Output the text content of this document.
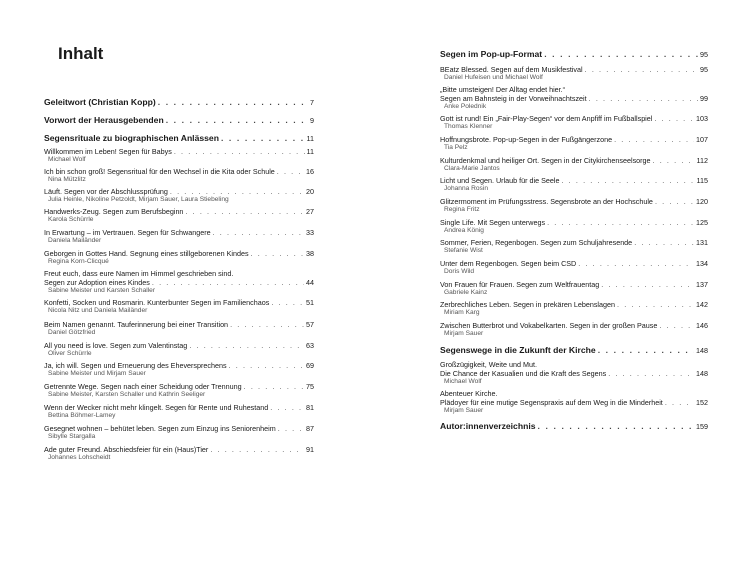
Inhalt
Geleitwort (Christian Kopp) . . .	7
Vorwort der Herausgebenden . . .	9
Segensrituale zu biographischen Anlässen . . .	11
Willkommen im Leben! Segen für Babys . . .	11
Michael Wolf
Ich bin schon groß! Segensritual für den Wechsel in die Kita oder Schule . . .	16
Nina Mützlitz
Läuft. Segen vor der Abschlussprüfung . . .	20
Julia Heinle, Nikoline Petzoldt, Mirjam Sauer, Laura Stiebeling
Handwerks-Zeug. Segen zum Berufsbeginn . . .	27
Karola Schürrle
In Erwartung – im Vertrauen. Segen für Schwangere . . .	33
Daniela Mailänder
Geborgen in Gottes Hand. Segnung eines stillgeborenen Kindes . . .	38
Regina Korn-Clicqué
Freut euch, dass eure Namen im Himmel geschrieben sind.
Segen zur Adoption eines Kindes . . .	44
Sabine Meister und Karsten Schaller
Konfetti, Socken und Rosmarin. Kunterbunter Segen im Familienchaos . . .	51
Nicola Nitz und Daniela Mailänder
Beim Namen genannt. Tauferinnerung bei einer Transition . . .	57
Daniel Götzfried
All you need is love. Segen zum Valentinstag . . .	63
Oliver Schürrle
Ja, ich will. Segen und Erneuerung des Eheversprechens . . .	69
Sabine Meister und Mirjam Sauer
Getrennte Wege. Segen nach einer Scheidung oder Trennung . . .	75
Sabine Meister, Karsten Schaller und Kathrin Seeliger
Wenn der Wecker nicht mehr klingelt. Segen für Rente und Ruhestand . . .	81
Bettina Böhmer-Lamey
Gesegnet wohnen – behütet leben. Segen zum Einzug ins Seniorenheim . . .	87
Sibylle Stargalla
Ade guter Freund. Abschiedsfeier für ein (Haus)Tier . . .	91
Johannes Lohscheidt
Segen im Pop-up-Format . . .	95
BEatz Blessed. Segen auf dem Musikfestival . . .	95
Daniel Hufeisen und Michael Wolf
„Bitte umsteigen! Der Alltag endet hier.“
Segen am Bahnsteig in der Vorweihnachtszeit . . .	99
Anke Polednik
Gott ist rund! Ein „Fair-Play-Segen“ vor dem Anpfiff im Fußballspiel . . .	103
Thomas Klenner
Hoffnungsbrote. Pop-up-Segen in der Fußgängerzone . . .	107
Tia Pelz
Kulturdenkmal und heiliger Ort. Segen in der Citykirchenseelsorge . . .	112
Clara-Marie Jantos
Licht und Segen. Urlaub für die Seele . . .	115
Johanna Rosin
Glitzermoment im Prüfungsstress. Segensbrote an der Hochschule . . .	120
Regina Fritz
Single Life. Mit Segen unterwegs . . .	125
Andrea König
Sommer, Ferien, Regenbogen. Segen zum Schuljahresende . . .	131
Stefanie Wist
Unter dem Regenbogen. Segen beim CSD . . .	134
Doris Wild
Von Frauen für Frauen. Segen zum Weltfrauentag . . .	137
Gabriele Kainz
Zerbrechliches Leben. Segen in prekären Lebenslagen . . .	142
Miriam Karg
Zwischen Butterbrot und Vokabelkarten. Segen in der großen Pause . . .	146
Mirjam Sauer
Segenswege in die Zukunft der Kirche . . .	148
Großzügigkeit, Weite und Mut.
Die Chance der Kasualien und die Kraft des Segens . . .	148
Michael Wolf
Abenteuer Kirche.
Plädoyer für eine mutige Segenspraxis auf dem Weg in die Minderheit . . .	152
Mirjam Sauer
Autor:innenverzeichnis . . .	159
